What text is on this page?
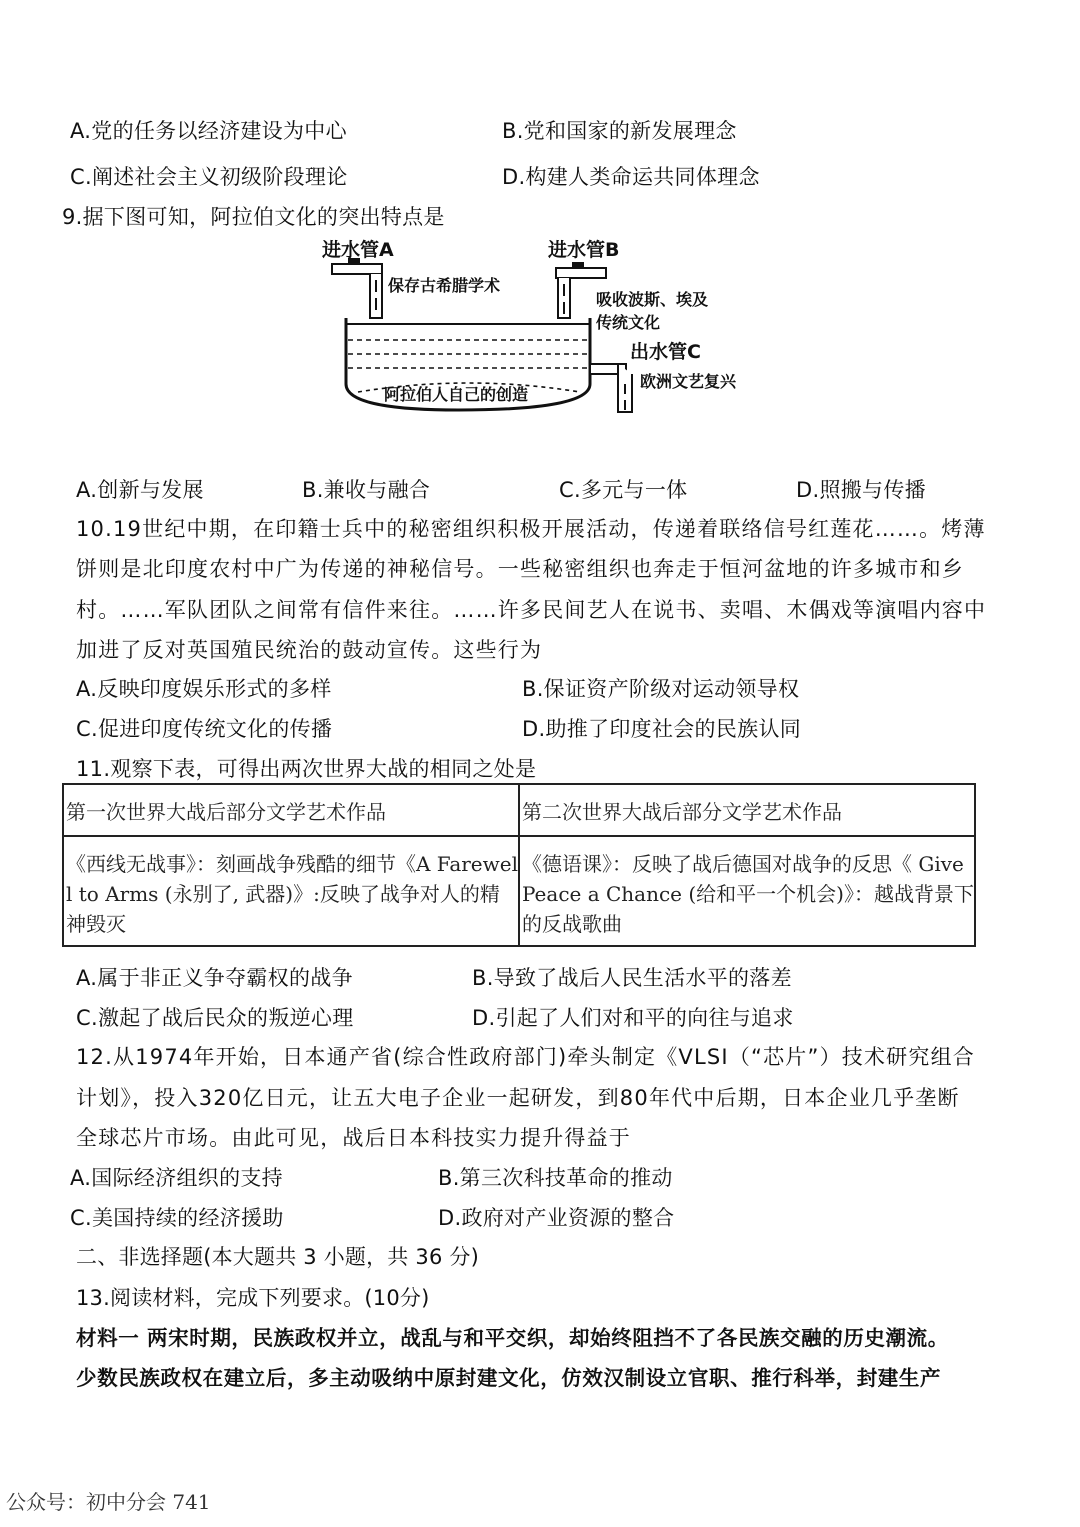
A.党的任务以经济建设为中心	B.党和国家的新发展理念
C.阐述社会主义初级阶段理论	D.构建人类命运共同体理念
9.据下图可知，阿拉伯文化的突出特点是
进水管A
保存古希腊学术
进水管B
吸收波斯、埃及
传统文化
出水管C
欧洲文艺复兴
阿拉伯人自己的创造
A.创新与发展	B.兼收与融合	C.多元与一体	D.照搬与传播
10.19世纪中期，在印籍士兵中的秘密组织积极开展活动，传递着联络信号红莲花……。烤薄
饼则是北印度农村中广为传递的神秘信号。一些秘密组织也奔走于恒河盆地的许多城市和乡
村。……军队团队之间常有信件来往。……许多民间艺人在说书、卖唱、木偶戏等演唱内容中
加进了反对英国殖民统治的鼓动宣传。这些行为
A.反映印度娱乐形式的多样	B.保证资产阶级对运动领导权
C.促进印度传统文化的传播	D.助推了印度社会的民族认同
11.观察下表，可得出两次世界大战的相同之处是
第一次世界大战后部分文学艺术作品	第二次世界大战后部分文学艺术作品

《西线无战事》：刻画战争残酷的细节《A Farewell to Arms (永别了, 武器)》:反映了战争对人的精神毁灭	《德语课》：反映了战后德国对战争的反思《 Give Peace a Chance (给和平一个机会)》：越战背景下的反战歌曲
A.属于非正义争夺霸权的战争	B.导致了战后人民生活水平的落差
C.激起了战后民众的叛逆心理	D.引起了人们对和平的向往与追求
12.从1974年开始，日本通产省(综合性政府部门)牵头制定《VLSI（“芯片”）技术研究组合
计划》，投入320亿日元，让五大电子企业一起研发，到80年代中后期，日本企业几乎垄断
全球芯片市场。由此可见，战后日本科技实力提升得益于
A.国际经济组织的支持	B.第三次科技革命的推动
C.美国持续的经济援助	D.政府对产业资源的整合
二、非选择题(本大题共 3 小题，共 36 分)
13.阅读材料，完成下列要求。(10分)
材料一 两宋时期，民族政权并立，战乱与和平交织，却始终阻挡不了各民族交融的历史潮流。
少数民族政权在建立后，多主动吸纳中原封建文化，仿效汉制设立官职、推行科举，封建生产
公众号：初中分会 741
